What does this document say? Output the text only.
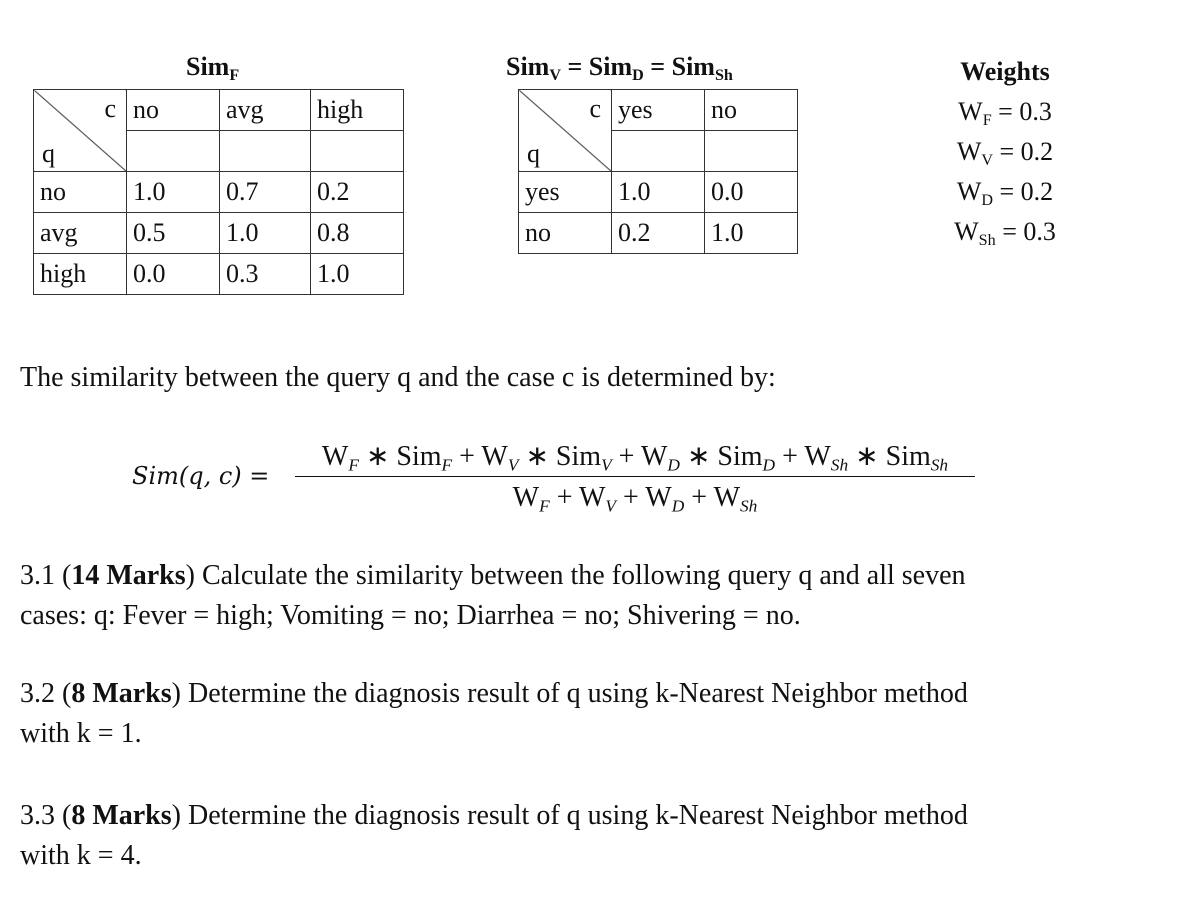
Sim$_F$
c
q	no	avg	high

no	1.0	0.7	0.2
avg	0.5	1.0	0.8
high	0.0	0.3	1.0
Sim$_V$ = Sim$_D$ = Sim$_{Sh}$
c
q	yes	no

yes	1.0	0.0
no	0.2	1.0
Weights
$W_F = 0.3$
$W_V = 0.2$
$W_D = 0.2$
$W_{Sh} = 0.3$
The similarity between the query q and the case c is determined by:
Sim(q, c) =
$W_F$ ∗ $Sim_F + W_V$ ∗ $Sim_V + W_D$ ∗ $Sim_D + W_{Sh}$ ∗ Sim$_{Sh}$
$W_F + W_V + W_D + W_{Sh}$
3.1 (14 Marks) Calculate the similarity between the following query q and all seven
cases: q: Fever = high; Vomiting = no; Diarrhea = no; Shivering = no.
3.2 (8 Marks) Determine the diagnosis result of q using k-Nearest Neighbor method
with k = 1.
3.3 (8 Marks) Determine the diagnosis result of q using k-Nearest Neighbor method
with k = 4.
